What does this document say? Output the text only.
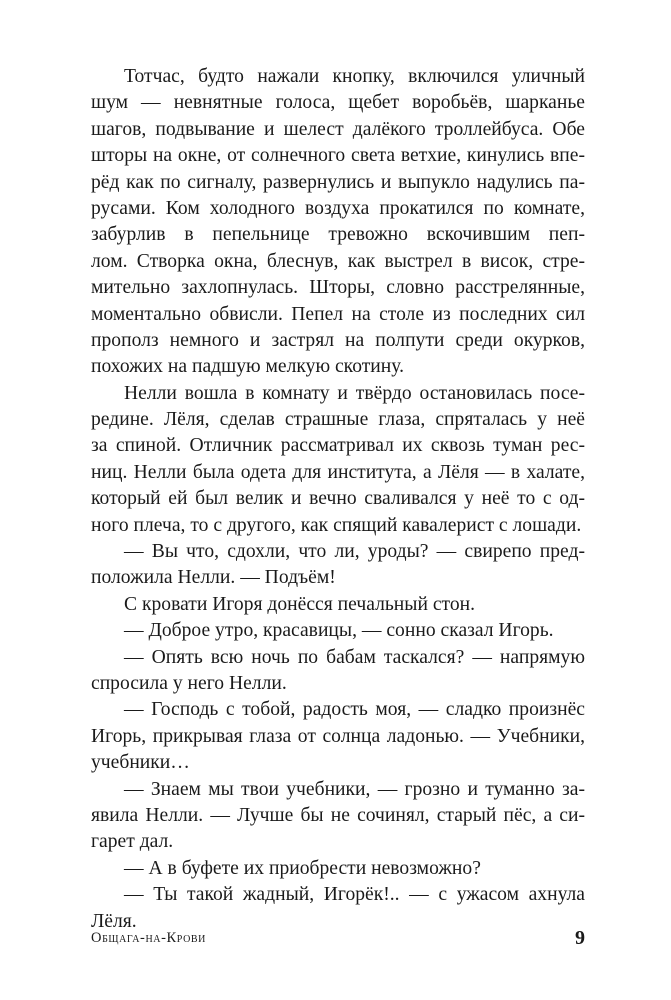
Тотчас, будто нажали кнопку, включился уличный
шум — невнятные голоса, щебет воробьёв, шарканье
шагов, подвывание и шелест далёкого троллейбуса. Обе
шторы на окне, от солнечного света ветхие, кинулись впе-
рёд как по сигналу, развернулись и выпукло надулись па-
русами. Ком холодного воздуха прокатился по комнате,
забурлив в пепельнице тревожно вскочившим пеп-
лом. Створка окна, блеснув, как выстрел в висок, стре-
мительно захлопнулась. Шторы, словно расстрелянные,
моментально обвисли. Пепел на столе из последних сил
прополз немного и застрял на полпути среди окурков,
похожих на падшую мелкую скотину.
Нелли вошла в комнату и твёрдо остановилась посе-
редине. Лёля, сделав страшные глаза, спряталась у неё
за спиной. Отличник рассматривал их сквозь туман рес-
ниц. Нелли была одета для института, а Лёля — в халате,
который ей был велик и вечно сваливался у неё то с од-
ного плеча, то с другого, как спящий кавалерист с лошади.
— Вы что, сдохли, что ли, уроды? — свирепо пред-
положила Нелли. — Подъём!
С кровати Игоря донёсся печальный стон.
— Доброе утро, красавицы, — сонно сказал Игорь.
— Опять всю ночь по бабам таскался? — напрямую
спросила у него Нелли.
— Господь с тобой, радость моя, — сладко произнёс
Игорь, прикрывая глаза от солнца ладонью. — Учебники,
учебники…
— Знаем мы твои учебники, — грозно и туманно за-
явила Нелли. — Лучше бы не сочинял, старый пёс, а си-
гарет дал.
— А в буфете их приобрести невозможно?
— Ты такой жадный, Игорёк!.. — с ужасом ахнула
Лёля.
Общага-на-Крови	9
